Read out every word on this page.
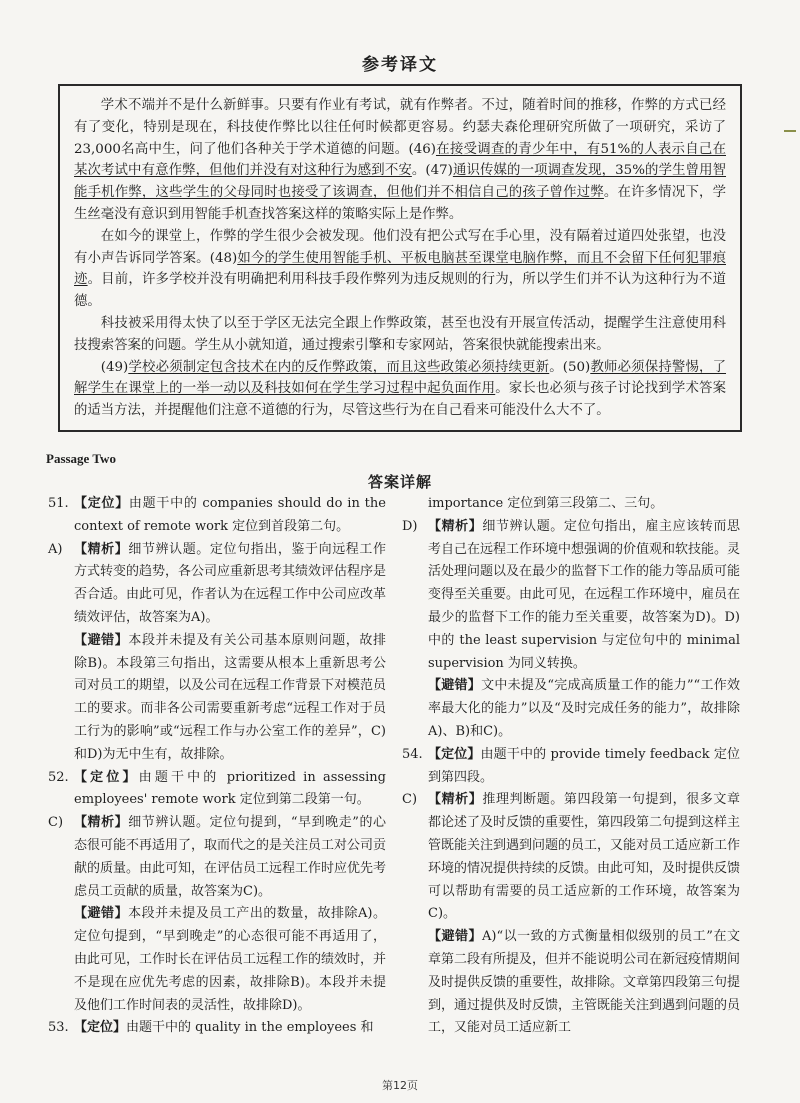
参考译文

学术不端并不是什么新鲜事。只要有作业有考试，就有作弊者。不过，随着时间的推移，作弊的方式已经有了变化，特别是现在，科技使作弊比以往任何时候都更容易。约瑟夫森伦理研究所做了一项研究，采访了23,000名高中生，问了他们各种关于学术道德的问题。(46)在接受调查的青少年中，有51%的人表示自己在某次考试中有意作弊，但他们并没有对这种行为感到不安。(47)通识传媒的一项调查发现，35%的学生曾用智能手机作弊，这些学生的父母同时也接受了该调查，但他们并不相信自己的孩子曾作过弊。在许多情况下，学生丝毫没有意识到用智能手机查找答案这样的策略实际上是作弊。

在如今的课堂上，作弊的学生很少会被发现。他们没有把公式写在手心里，没有隔着过道四处张望，也没有小声告诉同学答案。(48)如今的学生使用智能手机、平板电脑甚至课堂电脑作弊，而且不会留下任何犯罪痕迹。目前，许多学校并没有明确把利用科技手段作弊列为违反规则的行为，所以学生们并不认为这种行为不道德。

科技被采用得太快了以至于学区无法完全跟上作弊政策，甚至也没有开展宣传活动，提醒学生注意使用科技搜索答案的问题。学生从小就知道，通过搜索引擎和专家网站，答案很快就能搜索出来。

(49)学校必须制定包含技术在内的反作弊政策，而且这些政策必须持续更新。(50)教师必须保持警惕，了解学生在课堂上的一举一动以及科技如何在学生学习过程中起负面作用。家长也必须与孩子讨论找到学术答案的适当方法，并提醒他们注意不道德的行为，尽管这些行为在自己看来可能没什么大不了。

Passage Two
答案详解
51. 【定位】由题干中的 companies should do in the context of remote work 定位到首段第二句。

A) 【精析】细节辨认题。定位句指出，鉴于向远程工作方式转变的趋势，各公司应重新思考其绩效评估程序是否合适。由此可见，作者认为在远程工作中公司应改革绩效评估，故答案为A)。

【避错】本段并未提及有关公司基本原则问题，故排除B)。本段第三句指出，这需要从根本上重新思考公司对员工的期望，以及公司在远程工作背景下对模范员工的要求。而非各公司需要重新考虑“远程工作对于员工行为的影响”或“远程工作与办公室工作的差异”，C)和D)为无中生有，故排除。

52. 【定位】由题干中的 prioritized in assessing employees' remote work 定位到第二段第一句。

C) 【精析】细节辨认题。定位句提到，“早到晚走”的心态很可能不再适用了，取而代之的是关注员工对公司贡献的质量。由此可知，在评估员工远程工作时应优先考虑员工贡献的质量，故答案为C)。

【避错】本段并未提及员工产出的数量，故排除A)。定位句提到，“早到晚走”的心态很可能不再适用了，由此可见，工作时长在评估员工远程工作的绩效时，并不是现在应优先考虑的因素，故排除B)。本段并未提及他们工作时间表的灵活性，故排除D)。

53. 【定位】由题干中的 quality in the employees 和

importance 定位到第三段第二、三句。

D) 【精析】细节辨认题。定位句指出，雇主应该转而思考自己在远程工作环境中想强调的价值观和软技能。灵活处理问题以及在最少的监督下工作的能力等品质可能变得至关重要。由此可见，在远程工作环境中，雇员在最少的监督下工作的能力至关重要，故答案为D)。D)中的 the least supervision 与定位句中的 minimal supervision 为同义转换。

【避错】文中未提及“完成高质量工作的能力”“工作效率最大化的能力”以及“及时完成任务的能力”，故排除A)、B)和C)。

54. 【定位】由题干中的 provide timely feedback 定位到第四段。

C) 【精析】推理判断题。第四段第一句提到，很多文章都论述了及时反馈的重要性，第四段第二句提到这样主管既能关注到遇到问题的员工，又能对员工适应新工作环境的情况提供持续的反馈。由此可知，及时提供反馈可以帮助有需要的员工适应新的工作环境，故答案为C)。

【避错】A)“以一致的方式衡量相似级别的员工”在文章第二段有所提及，但并不能说明公司在新冠疫情期间及时提供反馈的重要性，故排除。文章第四段第三句提到，通过提供及时反馈，主管既能关注到遇到问题的员工，又能对员工适应新工

第12页
